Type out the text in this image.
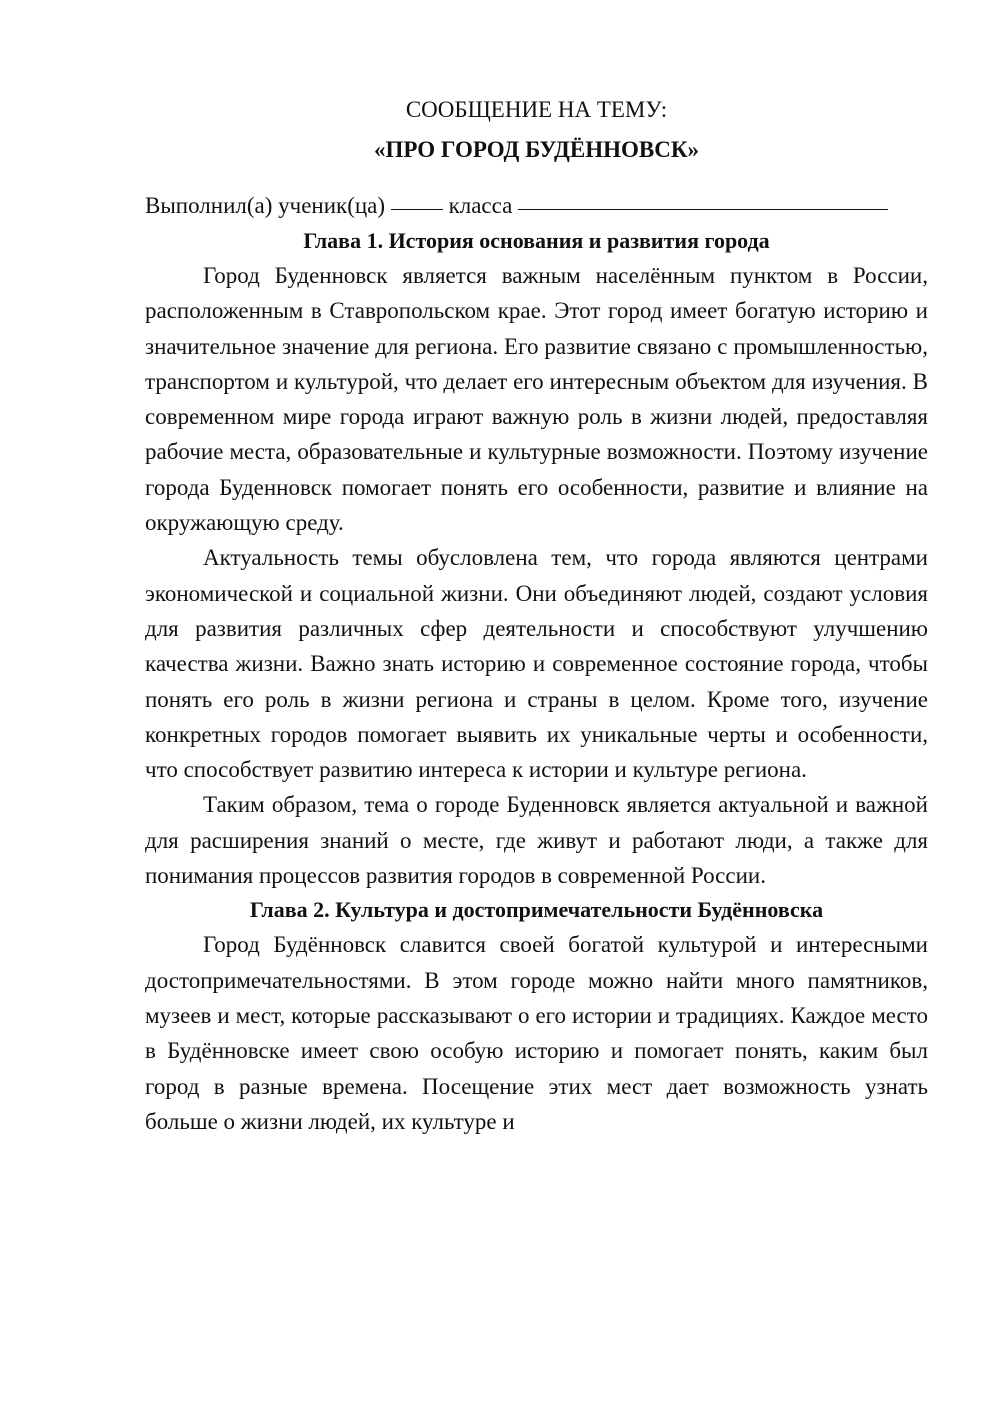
СООБЩЕНИЕ НА ТЕМУ:
«ПРО ГОРОД БУДЁННОВСК»
Выполнил(а) ученик(ца)	класса
Глава 1. История основания и развития города

Город Буденновск является важным населённым пунктом в России, расположенным в Ставропольском крае. Этот город имеет богатую историю и значительное значение для региона. Его развитие связано с промышленностью, транспортом и культурой, что делает его интересным объектом для изучения. В современном мире города играют важную роль в жизни людей, предоставляя рабочие места, образовательные и культурные возможности. Поэтому изучение города Буденновск помогает понять его особенности, развитие и влияние на окружающую среду.

Актуальность темы обусловлена тем, что города являются центрами экономической и социальной жизни. Они объединяют людей, создают условия для развития различных сфер деятельности и способствуют улучшению качества жизни. Важно знать историю и современное состояние города, чтобы понять его роль в жизни региона и страны в целом. Кроме того, изучение конкретных городов помогает выявить их уникальные черты и особенности, что способствует развитию интереса к истории и культуре региона.

Таким образом, тема о городе Буденновск является актуальной и важной для расширения знаний о месте, где живут и работают люди, а также для понимания процессов развития городов в современной России.

Глава 2. Культура и достопримечательности Будённовска

Город Будённовск славится своей богатой культурой и интересными достопримечательностями. В этом городе можно найти много памятников, музеев и мест, которые рассказывают о его истории и традициях. Каждое место в Будённовске имеет свою особую историю и помогает понять, каким был город в разные времена. Посещение этих мест дает возможность узнать больше о жизни людей, их культуре и
